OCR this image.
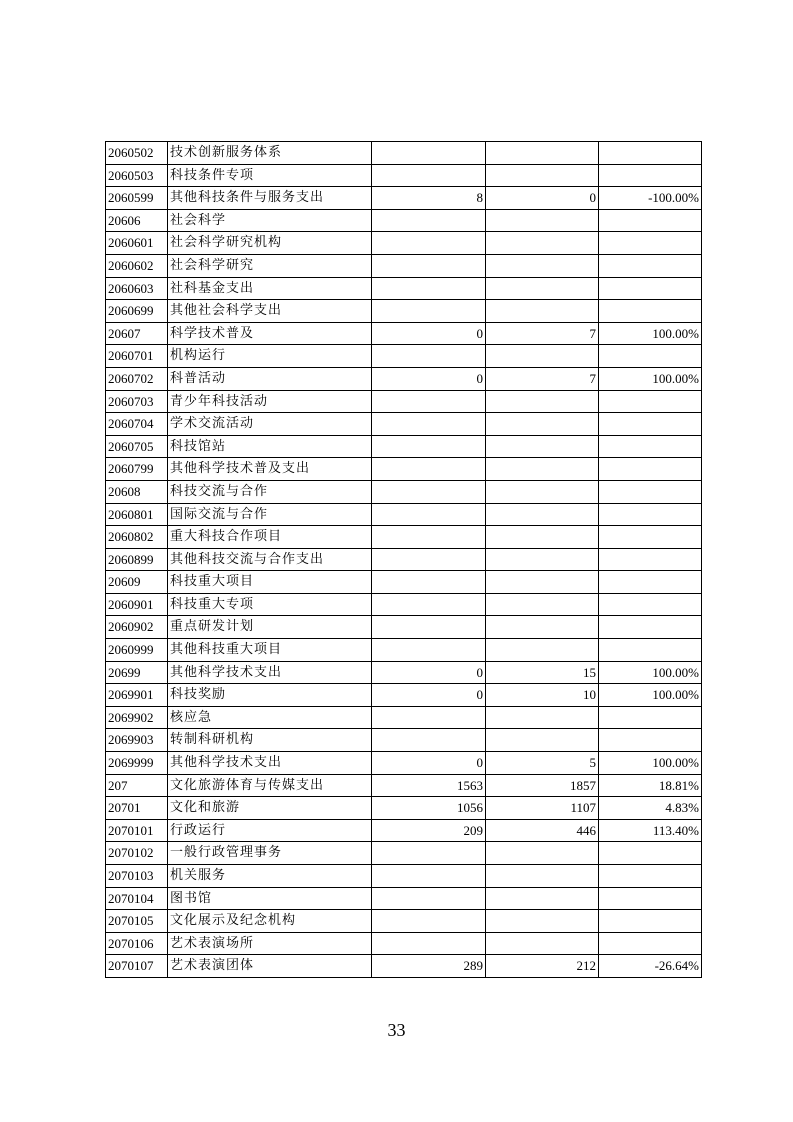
2060502	技术创新服务体系			
2060503	科技条件专项			
2060599	其他科技条件与服务支出	8	0	-100.00%
20606	社会科学			
2060601	社会科学研究机构			
2060602	社会科学研究			
2060603	社科基金支出			
2060699	其他社会科学支出			
20607	科学技术普及	0	7	100.00%
2060701	机构运行			
2060702	科普活动	0	7	100.00%
2060703	青少年科技活动			
2060704	学术交流活动			
2060705	科技馆站			
2060799	其他科学技术普及支出			
20608	科技交流与合作			
2060801	国际交流与合作			
2060802	重大科技合作项目			
2060899	其他科技交流与合作支出			
20609	科技重大项目			
2060901	科技重大专项			
2060902	重点研发计划			
2060999	其他科技重大项目			
20699	其他科学技术支出	0	15	100.00%
2069901	科技奖励	0	10	100.00%
2069902	核应急			
2069903	转制科研机构			
2069999	其他科学技术支出	0	5	100.00%
207	文化旅游体育与传媒支出	1563	1857	18.81%
20701	文化和旅游	1056	1107	4.83%
2070101	行政运行	209	446	113.40%
2070102	一般行政管理事务			
2070103	机关服务			
2070104	图书馆			
2070105	文化展示及纪念机构			
2070106	艺术表演场所			
2070107	艺术表演团体	289	212	-26.64%
33
